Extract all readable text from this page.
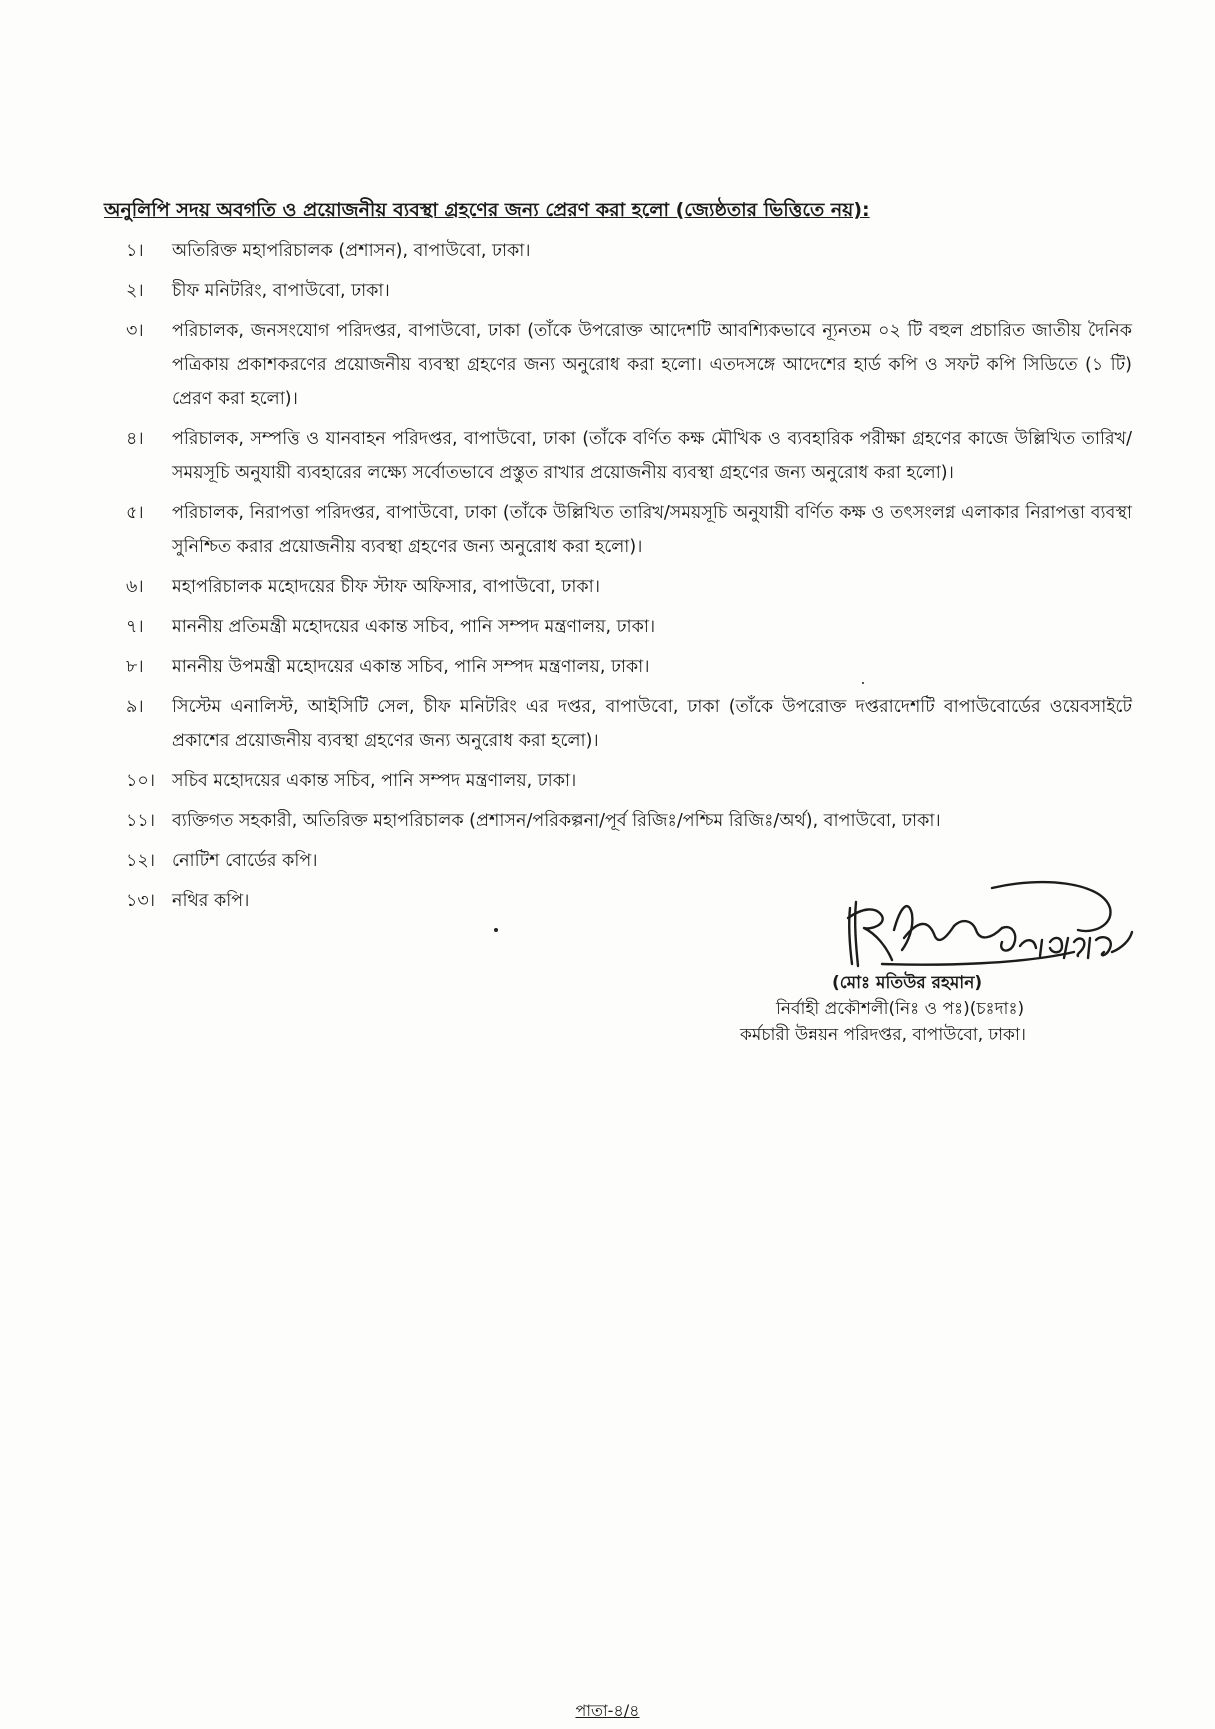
অনুলিপি সদয় অবগতি ও প্রয়োজনীয় ব্যবস্থা গ্রহণের জন্য প্রেরণ করা হলো (জ্যেষ্ঠতার ভিত্তিতে নয়):
১।	অতিরিক্ত মহাপরিচালক (প্রশাসন), বাপাউবো, ঢাকা।
২।	চীফ মনিটরিং, বাপাউবো, ঢাকা।
৩।	পরিচালক, জনসংযোগ পরিদপ্তর, বাপাউবো, ঢাকা (তাঁকে উপরোক্ত আদেশটি আবশ্যিকভাবে ন্যূনতম ০২ টি বহুল প্রচারিত জাতীয় দৈনিক পত্রিকায় প্রকাশকরণের প্রয়োজনীয় ব্যবস্থা গ্রহণের জন্য অনুরোধ করা হলো। এতদসঙ্গে আদেশের হার্ড কপি ও সফট কপি সিডিতে (১ টি) প্রেরণ করা হলো)।
৪।	পরিচালক, সম্পত্তি ও যানবাহন পরিদপ্তর, বাপাউবো, ঢাকা (তাঁকে বর্ণিত কক্ষ মৌখিক ও ব্যবহারিক পরীক্ষা গ্রহণের কাজে উল্লিখিত তারিখ/সময়সূচি অনুযায়ী ব্যবহারের লক্ষ্যে সর্বোতভাবে প্রস্তুত রাখার প্রয়োজনীয় ব্যবস্থা গ্রহণের জন্য অনুরোধ করা হলো)।
৫।	পরিচালক, নিরাপত্তা পরিদপ্তর, বাপাউবো, ঢাকা (তাঁকে উল্লিখিত তারিখ/সময়সূচি অনুযায়ী বর্ণিত কক্ষ ও তৎসংলগ্ন এলাকার নিরাপত্তা ব্যবস্থা সুনিশ্চিত করার প্রয়োজনীয় ব্যবস্থা গ্রহণের জন্য অনুরোধ করা হলো)।
৬।	মহাপরিচালক মহোদয়ের চীফ স্টাফ অফিসার, বাপাউবো, ঢাকা।
৭।	মাননীয় প্রতিমন্ত্রী মহোদয়ের একান্ত সচিব, পানি সম্পদ মন্ত্রণালয়, ঢাকা।
৮।	মাননীয় উপমন্ত্রী মহোদয়ের একান্ত সচিব, পানি সম্পদ মন্ত্রণালয়, ঢাকা।
৯।	সিস্টেম এনালিস্ট, আইসিটি সেল, চীফ মনিটরিং এর দপ্তর, বাপাউবো, ঢাকা (তাঁকে উপরোক্ত দপ্তরাদেশটি বাপাউবোর্ডের ওয়েবসাইটে প্রকাশের প্রয়োজনীয় ব্যবস্থা গ্রহণের জন্য অনুরোধ করা হলো)।
১০। সচিব মহোদয়ের একান্ত সচিব, পানি সম্পদ মন্ত্রণালয়, ঢাকা।
১১। ব্যক্তিগত সহকারী, অতিরিক্ত মহাপরিচালক (প্রশাসন/পরিকল্পনা/পূর্ব রিজিঃ/পশ্চিম রিজিঃ/অর্থ), বাপাউবো, ঢাকা।
১২। নোটিশ বোর্ডের কপি।
১৩। নথির কপি।
(মোঃ মতিউর রহমান)
নির্বাহী প্রকৌশলী(নিঃ ও পঃ)(চঃদাঃ)
কর্মচারী উন্নয়ন পরিদপ্তর, বাপাউবো, ঢাকা।
পাতা-৪/৪
